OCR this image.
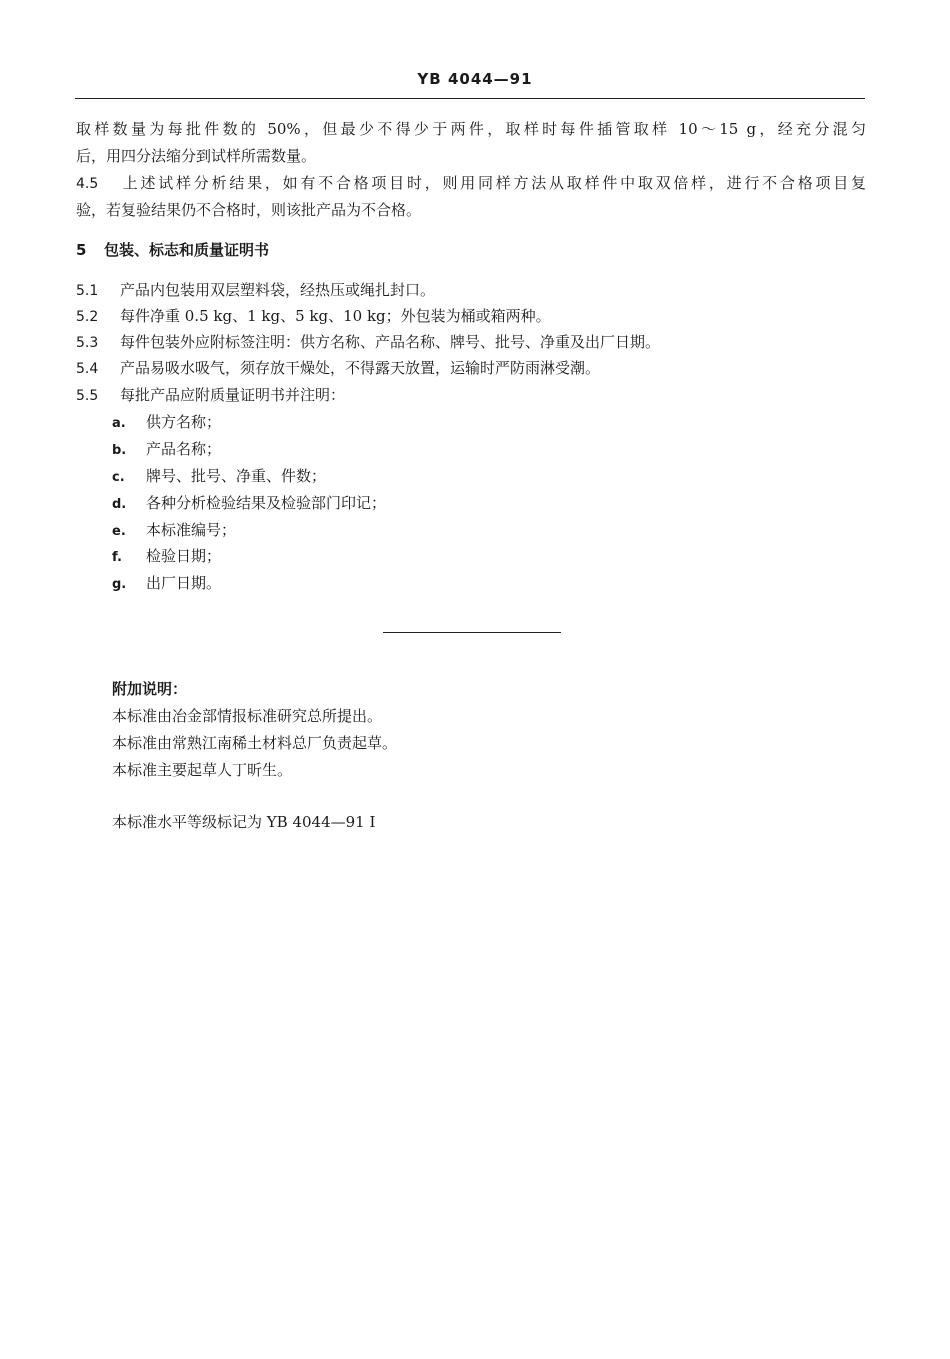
YB 4044—91
取样数量为每批件数的 50%，但最少不得少于两件，取样时每件插管取样 10～15 g，经充分混匀
后，用四分法缩分到试样所需数量。
4.5 上述试样分析结果，如有不合格项目时，则用同样方法从取样件中取双倍样，进行不合格项目复
验，若复验结果仍不合格时，则该批产品为不合格。
5 包装、标志和质量证明书
5.1 产品内包装用双层塑料袋，经热压或绳扎封口。
5.2 每件净重 0.5 kg、1 kg、5 kg、10 kg；外包装为桶或箱两种。
5.3 每件包装外应附标签注明：供方名称、产品名称、牌号、批号、净重及出厂日期。
5.4 产品易吸水吸气，须存放干燥处，不得露天放置，运输时严防雨淋受潮。
5.5 每批产品应附质量证明书并注明：
a. 供方名称；
b. 产品名称；
c. 牌号、批号、净重、件数；
d. 各种分析检验结果及检验部门印记；
e. 本标准编号；
f. 检验日期；
g. 出厂日期。
附加说明：
本标准由冶金部情报标准研究总所提出。
本标准由常熟江南稀土材料总厂负责起草。
本标准主要起草人丁昕生。
本标准水平等级标记为 YB 4044—91 I
